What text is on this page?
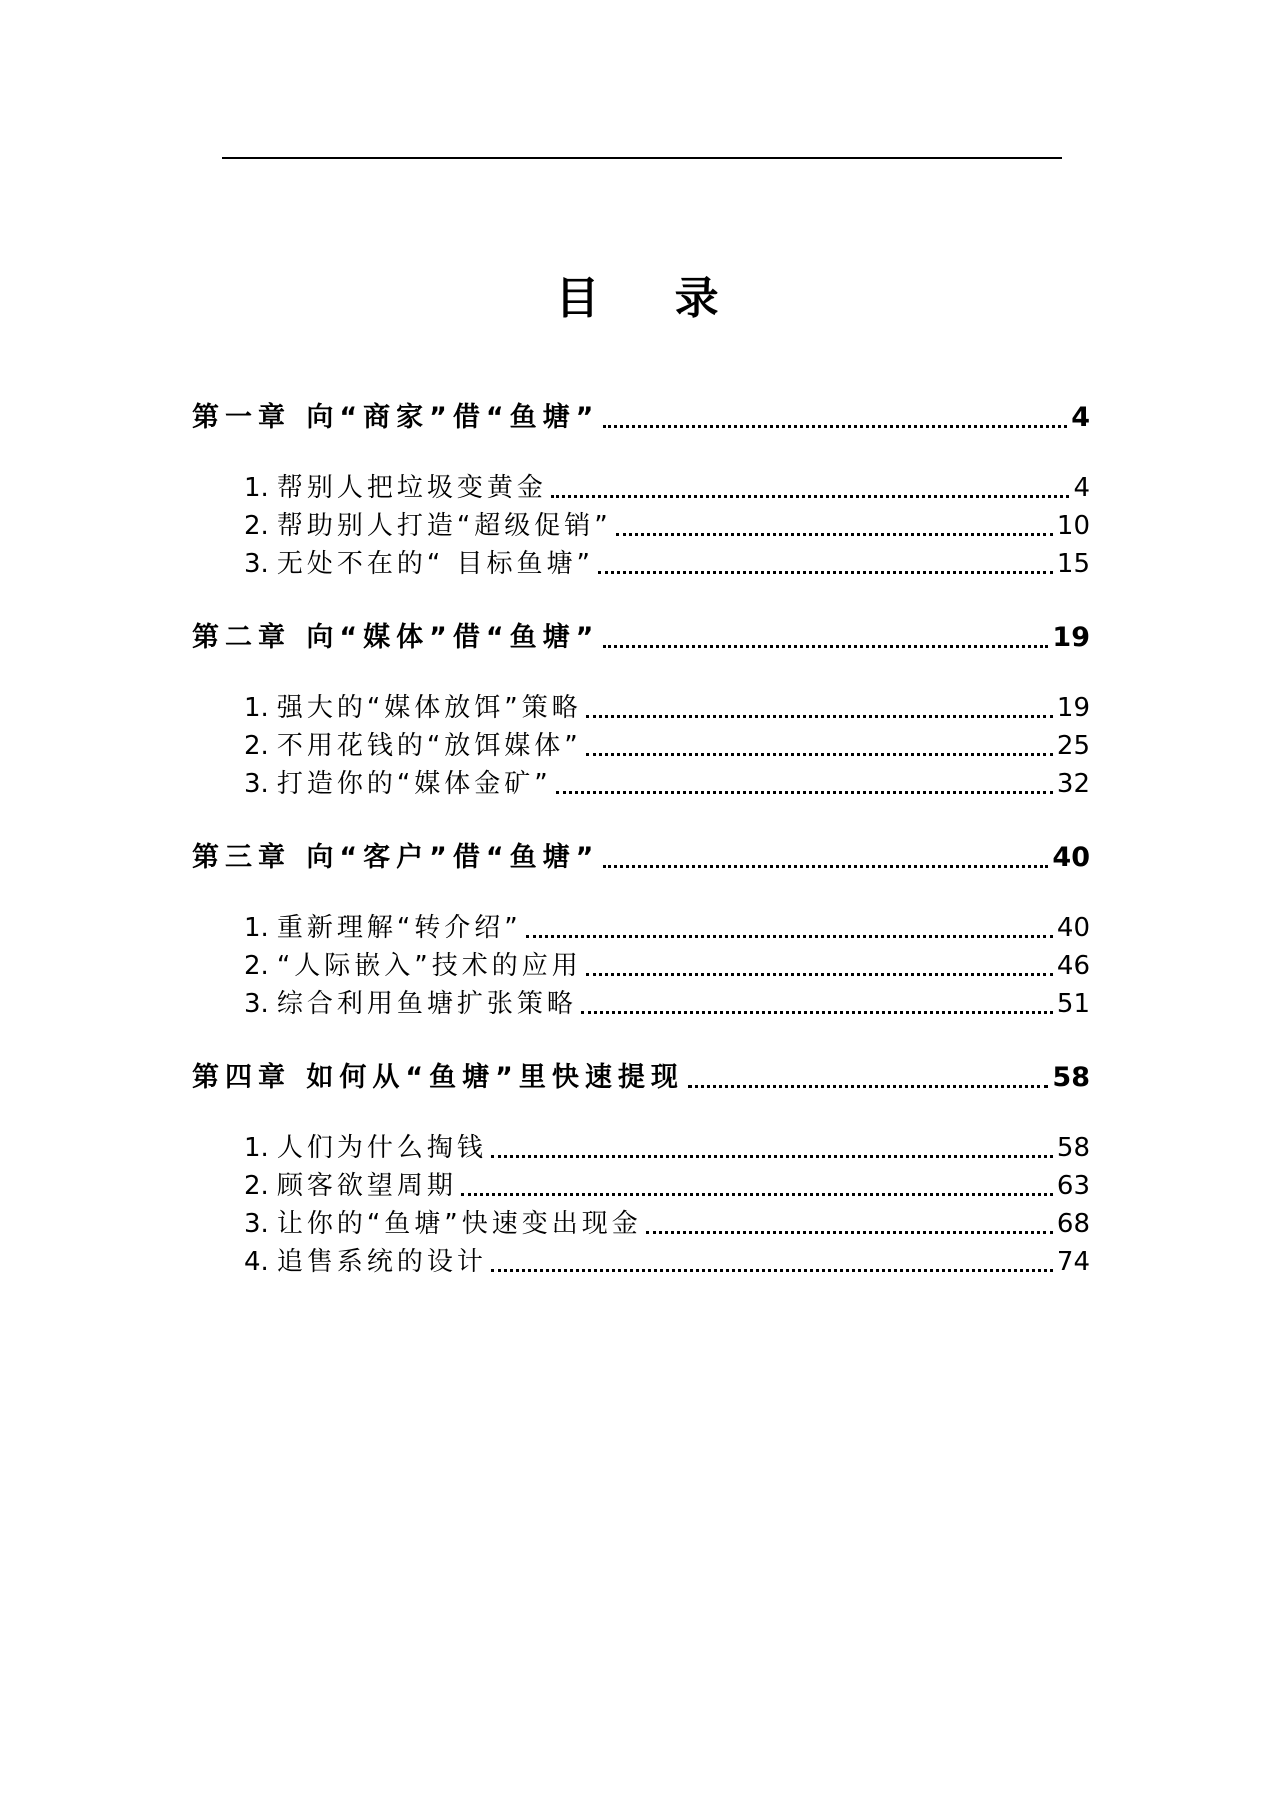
目 录
第一章 向“商家”借“鱼塘”	4
1. 帮别人把垃圾变黄金	4
2. 帮助别人打造“超级促销”	10
3. 无处不在的“ 目标鱼塘”	15
第二章 向“媒体”借“鱼塘”	19
1. 强大的“媒体放饵”策略	19
2. 不用花钱的“放饵媒体”	25
3. 打造你的“媒体金矿”	32
第三章 向“客户”借“鱼塘”	40
1. 重新理解“转介绍”	40
2. “人际嵌入”技术的应用	46
3. 综合利用鱼塘扩张策略	51
第四章 如何从“鱼塘”里快速提现	58
1. 人们为什么掏钱	58
2. 顾客欲望周期	63
3. 让你的“鱼塘”快速变出现金	68
4. 追售系统的设计	74
